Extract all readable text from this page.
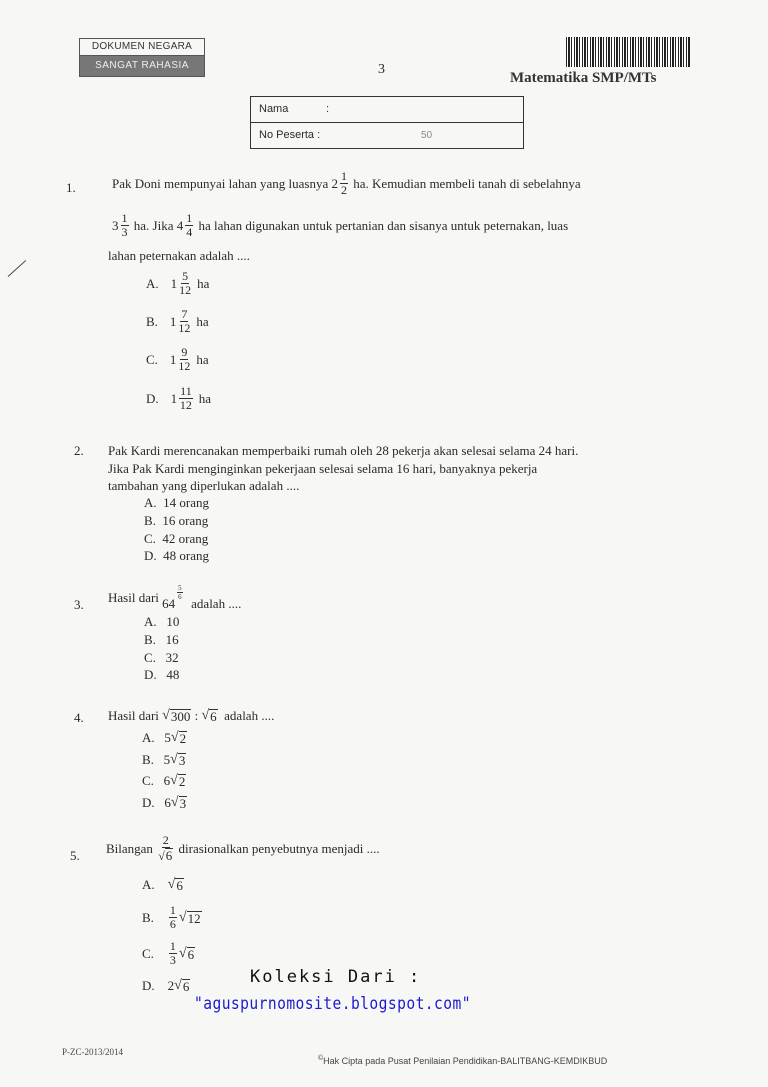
DOKUMEN NEGARA
SANGAT RAHASIA	3
Matematika SMP/MTs
Nama	:
No Peserta :	50
1.	Pak Doni mempunyai lahan yang luasnya
$2 \frac{1}{2}$
ha. Kemudian membeli tanah di sebelahnya
$3 \frac{1}{3}$
ha. Jika
$4 \frac{1}{4}$
ha lahan digunakan untuk pertanian dan sisanya untuk peternakan, luas
lahan peternakan adalah ....
A.
$1 \frac{5}{12}$
ha
B.
$1 \frac{7}{12}$
ha
C.
$1 \frac{9}{12}$
ha
D.
$1 \frac{11}{12}$
ha
2. Pak Kardi merencanakan memperbaiki rumah oleh 28 pekerja akan selesai selama 24 hari.
Jika Pak Kardi menginginkan pekerjaan selesai selama 16 hari, banyaknya pekerja
tambahan yang diperlukan adalah ....
A. 14 orang
B. 16 orang
C. 42 orang
D. 48 orang
3. Hasil dari
64
$\frac{5}{6}$

adalah ....
A. 10
B. 16
C. 32
D. 48
4. Hasil dari
√ 300
:
√ 6
adalah ....
A.
5 √ 2
B.
5 √ 3
C.
6 √ 2
D.
6 √ 3
5. Bilangan
$\frac{2}{√ 6}$
dirasionalkan penyebutnya menjadi ....
A.
√ 6
B.
$\frac{1}{6}$ √ 12
C.
$\frac{1}{3}$ √ 6
D.
2 √ 6	Koleksi Dari :
"aguspurnomosite.blogspot.com"
P-ZC-2013/2014
©Hak Cipta pada Pusat Penilaian Pendidikan-BALITBANG-KEMDIKBUD
